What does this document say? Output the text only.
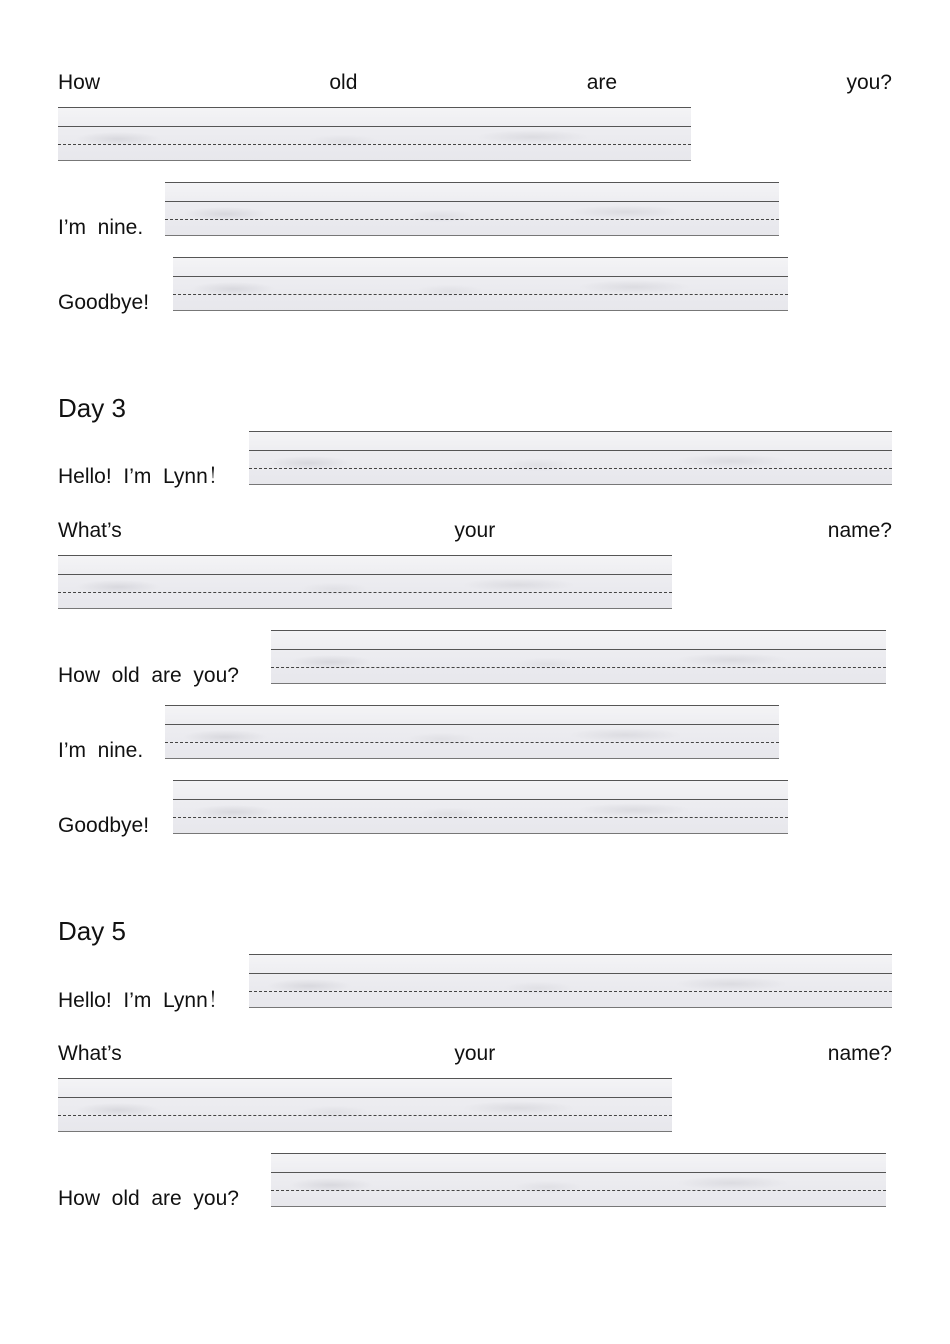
How	old	are	you?
I’m  nine.
Goodbye!
Day 3
Hello!  I’m  Lynn！
What’s	your	name?
How  old  are  you?
I’m  nine.
Goodbye!
Day 5
Hello!  I’m  Lynn！
What’s	your	name?
How  old  are  you?
